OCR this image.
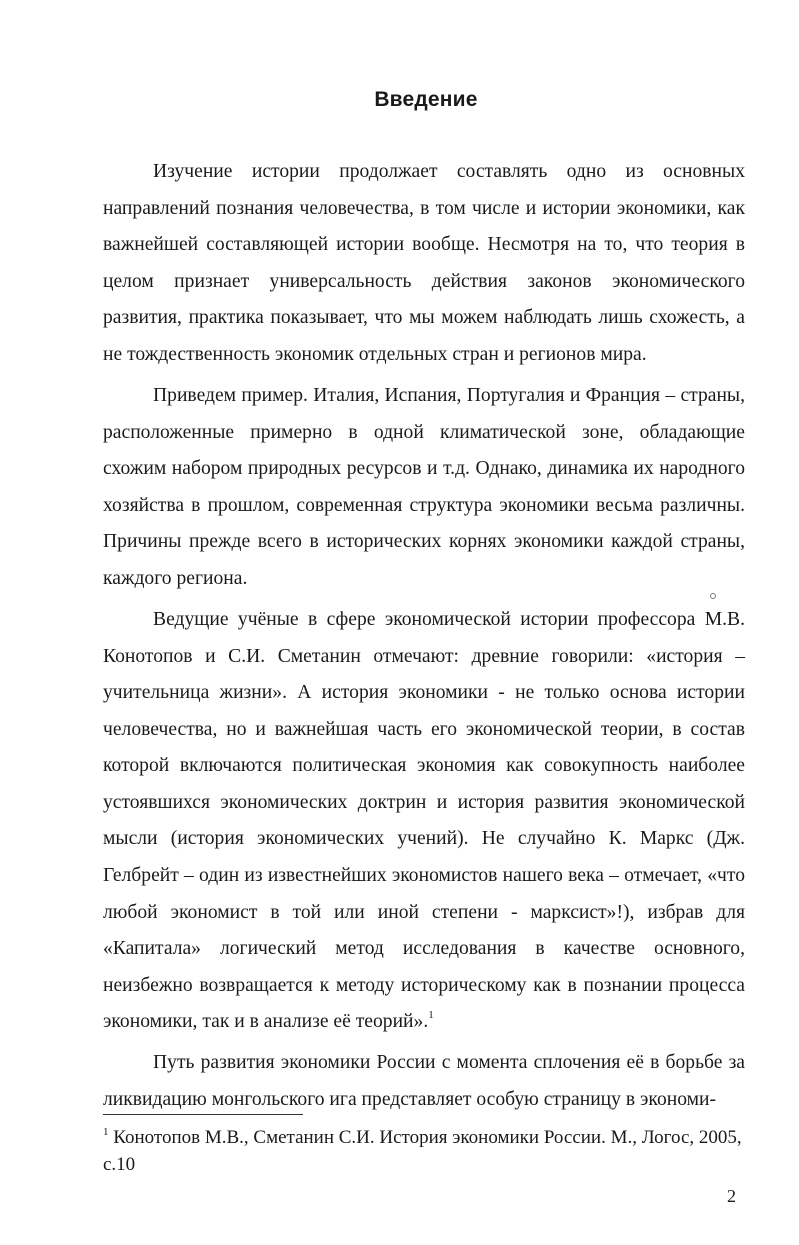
Введение

Изучение истории продолжает составлять одно из основных направлений познания человечества, в том числе и истории экономики, как важнейшей составляющей истории вообще. Несмотря на то, что теория в целом признает универсальность действия законов экономического развития, практика показывает, что мы можем наблюдать лишь схожесть, а не тождественность экономик отдельных стран и регионов мира.

Приведем пример. Италия, Испания, Португалия и Франция – страны, расположенные примерно в одной климатической зоне, обладающие схожим набором природных ресурсов и т.д. Однако, динамика их народного хозяйства в прошлом, современная структура экономики весьма различны. Причины прежде всего в исторических корнях экономики каждой страны, каждого региона.

Ведущие учёные в сфере экономической истории профессора М.В. Конотопов и С.И. Сметанин отмечают: древние говорили: «история – учительница жизни». А история экономики - не только основа истории человечества, но и важнейшая часть его экономической теории, в состав которой включаются политическая экономия как совокупность наиболее устоявшихся экономических доктрин и история развития экономической мысли (история экономических учений). Не случайно К. Маркс (Дж. Гелбрейт – один из известнейших экономистов нашего века – отмечает, «что любой экономист в той или иной степени - марксист»!), избрав для «Капитала» логический метод исследования в качестве основного, неизбежно возвращается к методу историческому как в познании процесса экономики, так и в анализе её теорий».$^1$

Путь развития экономики России с момента сплочения её в борьбе за ликвидацию монгольского ига представляет особую страницу в экономи-

$^1$ Конотопов М.В., Сметанин С.И. История экономики России. М., Логос, 2005, с.10

2
